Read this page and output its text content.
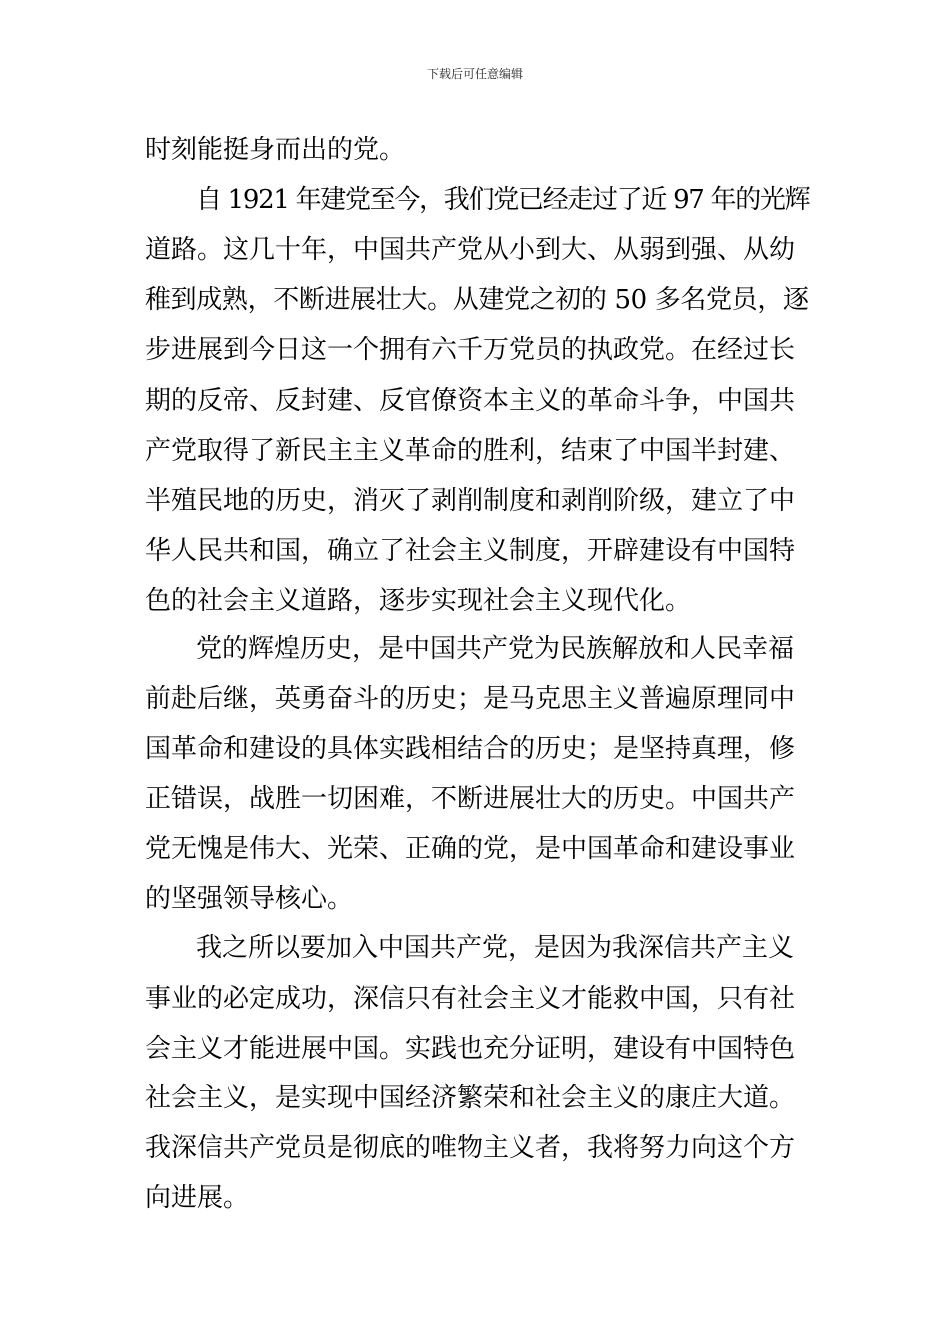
下载后可任意编辑
时刻能挺身而出的党。
自 1921 年建党至今，我们党已经走过了近 97 年的光辉
道路。这几十年，中国共产党从小到大、从弱到强、从幼
稚到成熟，不断进展壮大。从建党之初的 50 多名党员，逐
步进展到今日这一个拥有六千万党员的执政党。在经过长
期的反帝、反封建、反官僚资本主义的革命斗争，中国共
产党取得了新民主主义革命的胜利，结束了中国半封建、
半殖民地的历史，消灭了剥削制度和剥削阶级，建立了中
华人民共和国，确立了社会主义制度，开辟建设有中国特
色的社会主义道路，逐步实现社会主义现代化。
党的辉煌历史，是中国共产党为民族解放和人民幸福
前赴后继，英勇奋斗的历史；是马克思主义普遍原理同中
国革命和建设的具体实践相结合的历史；是坚持真理，修
正错误，战胜一切困难，不断进展壮大的历史。中国共产
党无愧是伟大、光荣、正确的党，是中国革命和建设事业
的坚强领导核心。
我之所以要加入中国共产党，是因为我深信共产主义
事业的必定成功，深信只有社会主义才能救中国，只有社
会主义才能进展中国。实践也充分证明，建设有中国特色
社会主义，是实现中国经济繁荣和社会主义的康庄大道。
我深信共产党员是彻底的唯物主义者，我将努力向这个方
向进展。
